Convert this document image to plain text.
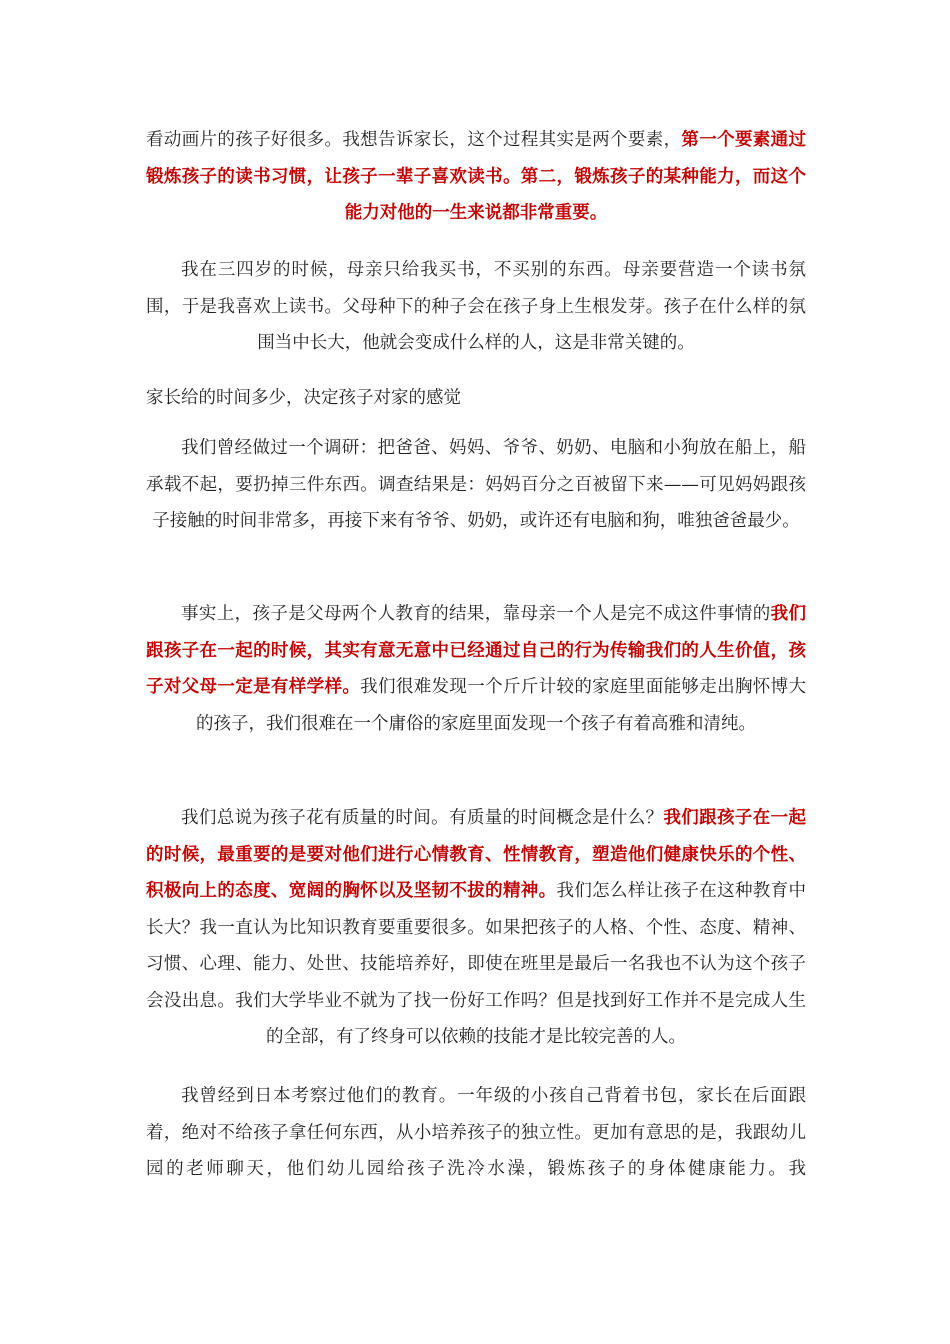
看动画片的孩子好很多。我想告诉家长，这个过程其实是两个要素，第一个要素通过锻炼孩子的读书习惯，让孩子一辈子喜欢读书。第二，锻炼孩子的某种能力，而这个能力对他的一生来说都非常重要。

我在三四岁的时候，母亲只给我买书，不买别的东西。母亲要营造一个读书氛围，于是我喜欢上读书。父母种下的种子会在孩子身上生根发芽。孩子在什么样的氛围当中长大，他就会变成什么样的人，这是非常关键的。

家长给的时间多少，决定孩子对家的感觉

我们曾经做过一个调研：把爸爸、妈妈、爷爷、奶奶、电脑和小狗放在船上，船承载不起，要扔掉三件东西。调查结果是：妈妈百分之百被留下来——可见妈妈跟孩子接触的时间非常多，再接下来有爷爷、奶奶，或许还有电脑和狗，唯独爸爸最少。

事实上，孩子是父母两个人教育的结果，靠母亲一个人是完不成这件事情的我们跟孩子在一起的时候，其实有意无意中已经通过自己的行为传输我们的人生价值，孩子对父母一定是有样学样。我们很难发现一个斤斤计较的家庭里面能够走出胸怀博大的孩子，我们很难在一个庸俗的家庭里面发现一个孩子有着高雅和清纯。

我们总说为孩子花有质量的时间。有质量的时间概念是什么？我们跟孩子在一起的时候，最重要的是要对他们进行心情教育、性情教育，塑造他们健康快乐的个性、积极向上的态度、宽阔的胸怀以及坚韧不拔的精神。我们怎么样让孩子在这种教育中长大？我一直认为比知识教育要重要很多。如果把孩子的人格、个性、态度、精神、习惯、心理、能力、处世、技能培养好，即使在班里是最后一名我也不认为这个孩子会没出息。我们大学毕业不就为了找一份好工作吗？但是找到好工作并不是完成人生的全部，有了终身可以依赖的技能才是比较完善的人。

我曾经到日本考察过他们的教育。一年级的小孩自己背着书包，家长在后面跟着，绝对不给孩子拿任何东西，从小培养孩子的独立性。更加有意思的是，我跟幼儿园的老师聊天，他们幼儿园给孩子洗冷水澡，锻炼孩子的身体健康能力。我
